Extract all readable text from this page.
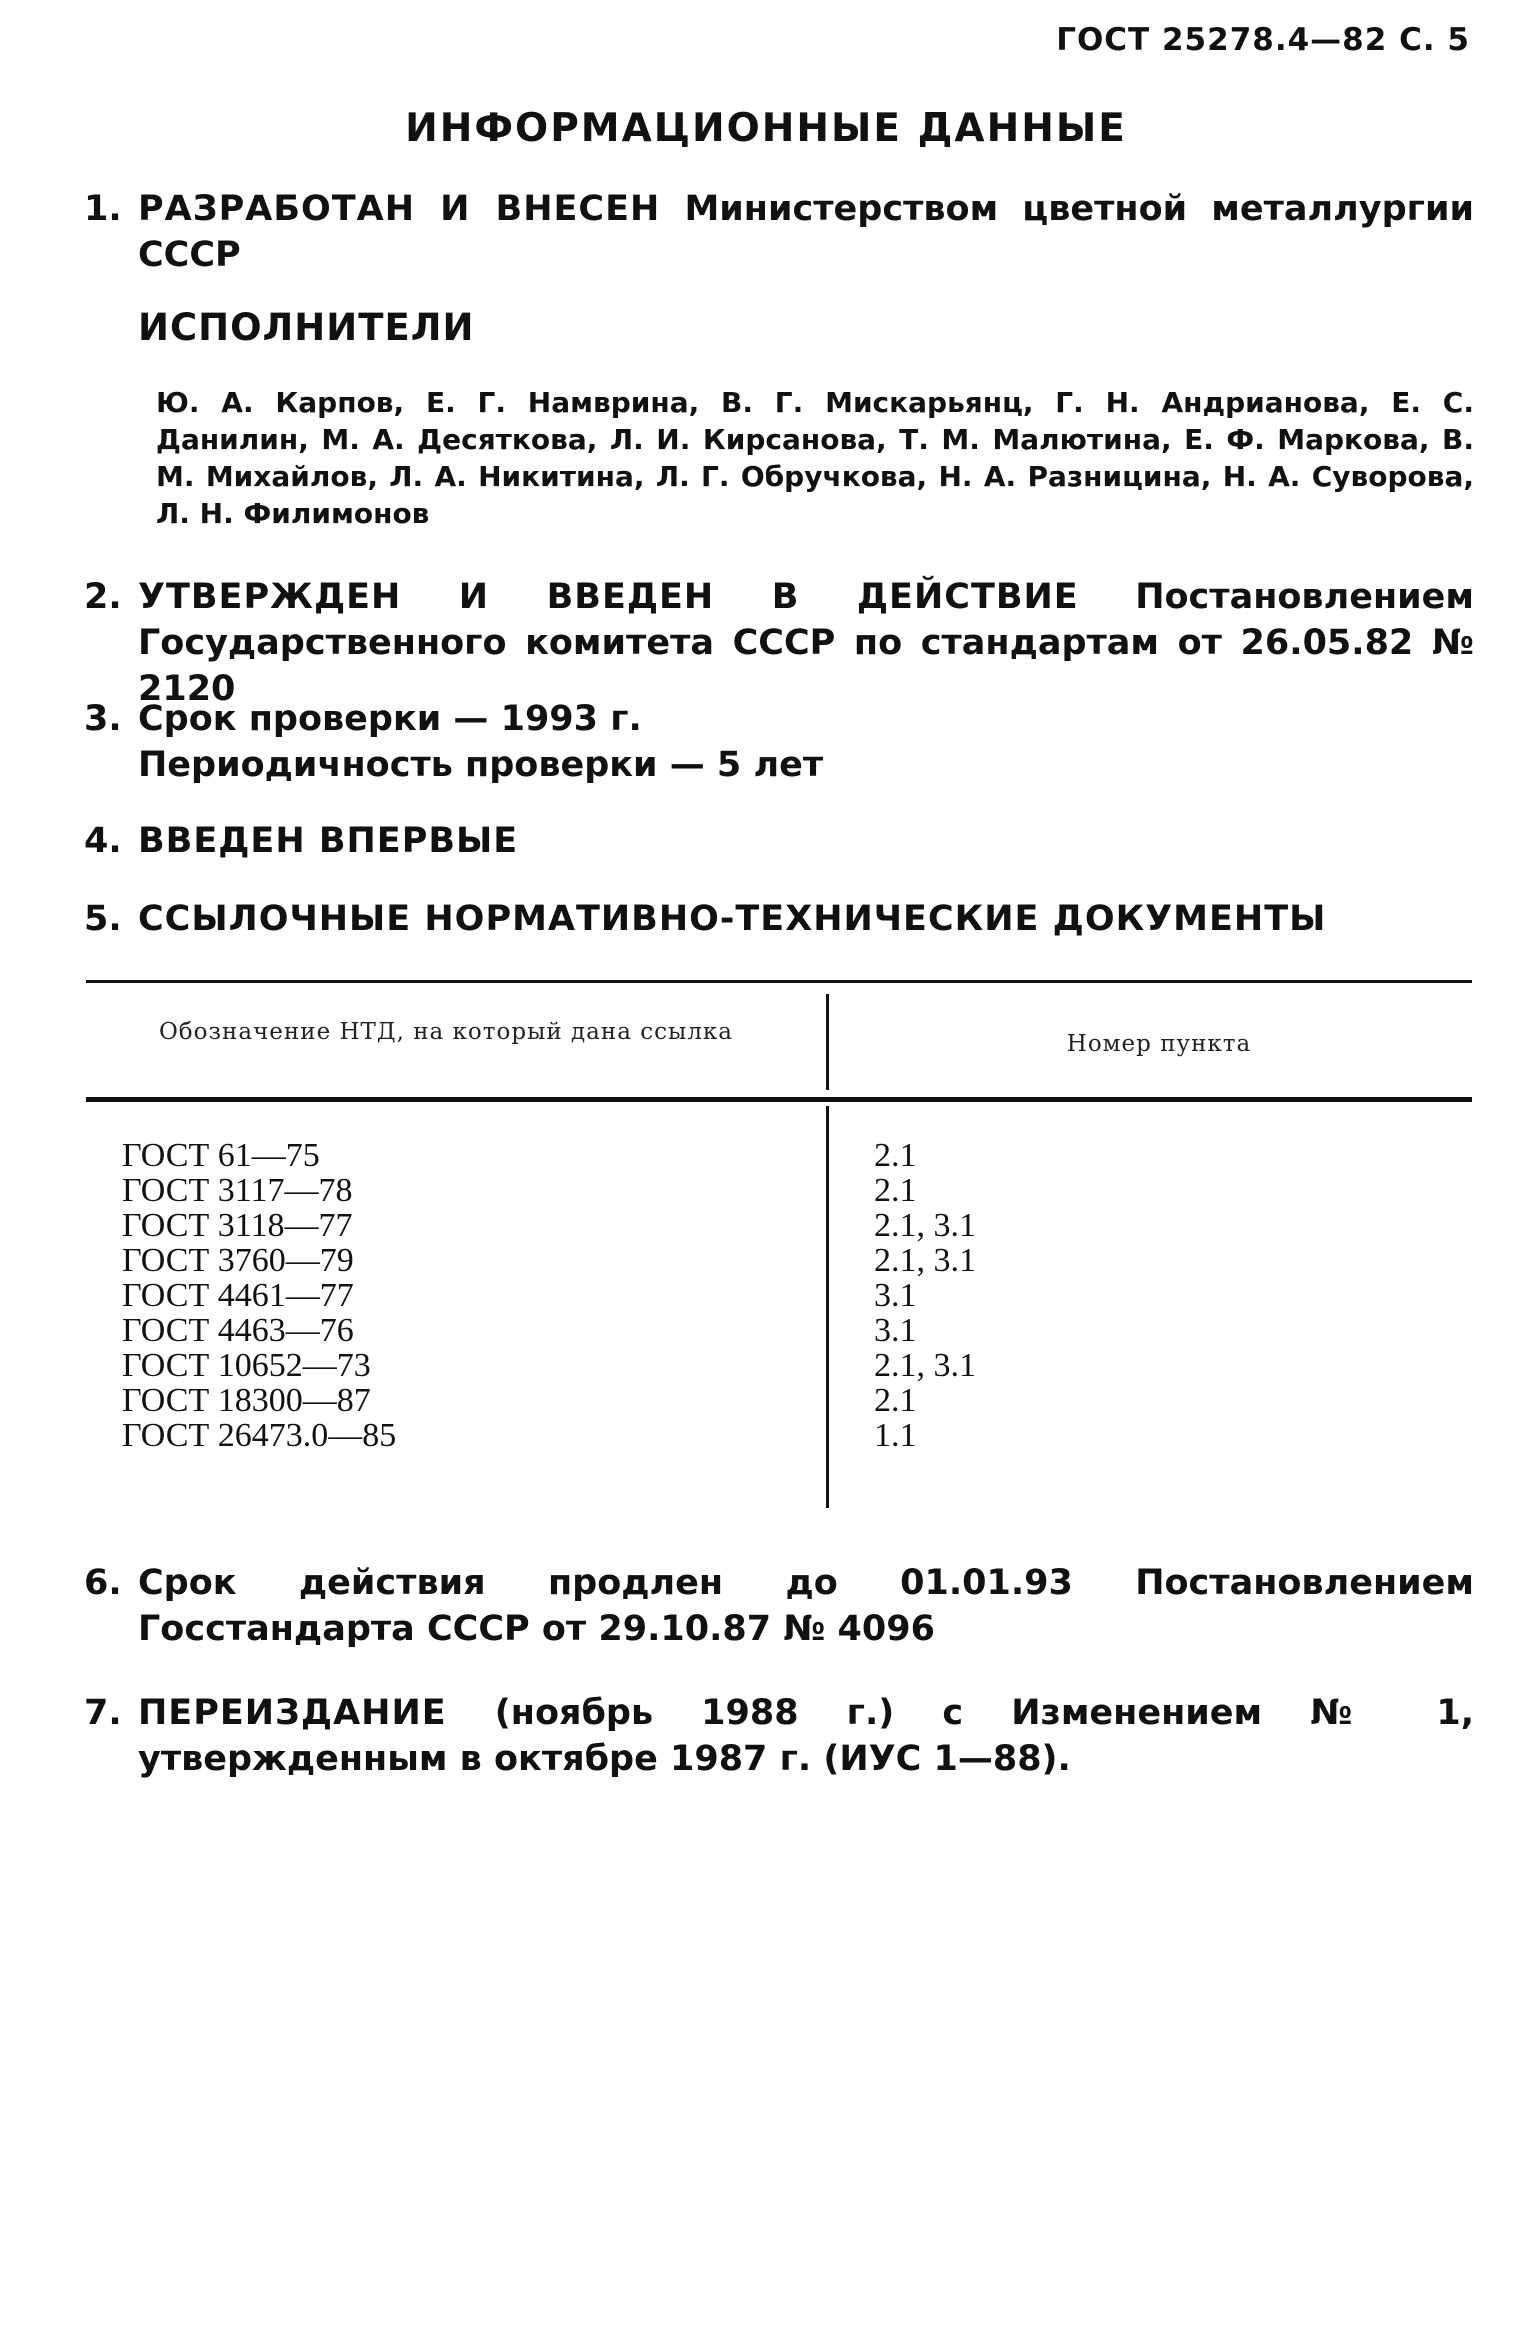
ГОСТ 25278.4—82 С. 5
ИНФОРМАЦИОННЫЕ ДАННЫЕ
1. РАЗРАБОТАН И ВНЕСЕН Министерством цветной металлургии СССР
ИСПОЛНИТЕЛИ
Ю. А. Карпов, Е. Г. Намврина, В. Г. Мискарьянц, Г. Н. Андрианова, Е. С. Данилин, М. А. Десяткова, Л. И. Кирсанова, Т. М. Малютина, Е. Ф. Маркова, В. М. Михайлов, Л. А. Никитина, Л. Г. Обручкова, Н. А. Разницина, Н. А. Суворова, Л. Н. Филимонов
2. УТВЕРЖДЕН И ВВЕДЕН В ДЕЙСТВИЕ Постановлением Государственного комитета СССР по стандартам от 26.05.82 № 2120
3. Срок проверки — 1993 г.
Периодичность проверки — 5 лет
4. ВВЕДЕН ВПЕРВЫЕ
5. ССЫЛОЧНЫЕ НОРМАТИВНО-ТЕХНИЧЕСКИЕ ДОКУМЕНТЫ
Обозначение НТД, на который дана ссылка	Номер пункта
ГОСТ 61—75	2.1
ГОСТ 3117—78	2.1
ГОСТ 3118—77	2.1, 3.1
ГОСТ 3760—79	2.1, 3.1
ГОСТ 4461—77	3.1
ГОСТ 4463—76	3.1
ГОСТ 10652—73	2.1, 3.1
ГОСТ 18300—87	2.1
ГОСТ 26473.0—85	1.1
6. Срок действия продлен до 01.01.93 Постановлением Госстандарта СССР от 29.10.87 № 4096
7. ПЕРЕИЗДАНИЕ (ноябрь 1988 г.) с Изменением № 1, утвержденным в октябре 1987 г. (ИУС 1—88).
